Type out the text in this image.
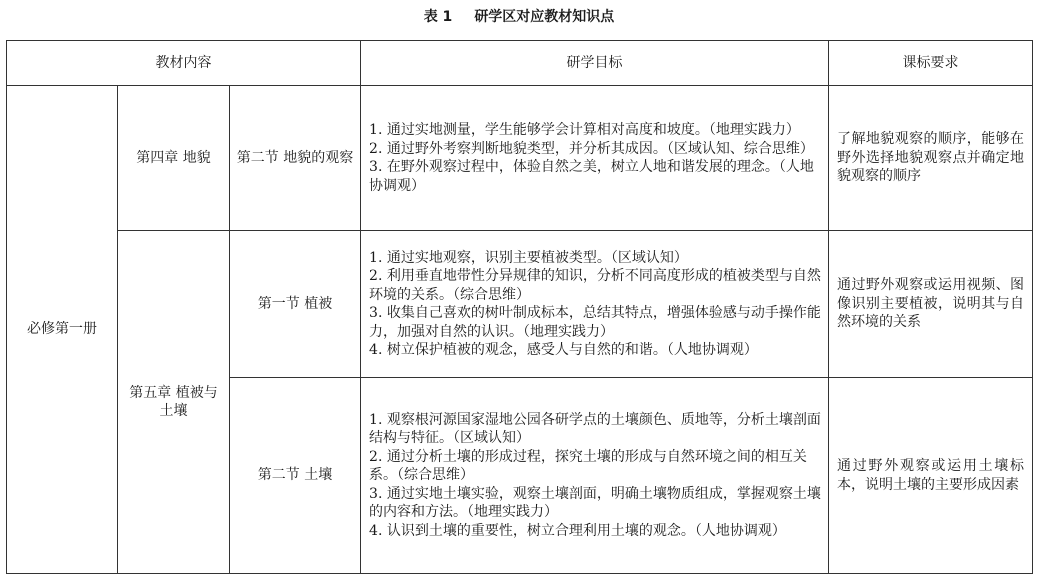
表 1 研学区对应教材知识点
教材内容			研学目标	课标要求
必修第一册	第四章 地貌	第二节 地貌的观察	1. 通过实地测量，学生能够学会计算相对高度和坡度。（地理实践力）
2. 通过野外考察判断地貌类型，并分析其成因。（区域认知、综合思维）
3. 在野外观察过程中，体验自然之美，树立人地和谐发展的理念。（人地协调观）	了解地貌观察的顺序，能够在野外选择地貌观察点并确定地貌观察的顺序
	第五章 植被与土壤	第一节 植被	1. 通过实地观察，识别主要植被类型。（区域认知）
2. 利用垂直地带性分异规律的知识，分析不同高度形成的植被类型与自然环境的关系。（综合思维）
3. 收集自己喜欢的树叶制成标本，总结其特点，增强体验感与动手操作能力，加强对自然的认识。（地理实践力）
4. 树立保护植被的观念，感受人与自然的和谐。（人地协调观）	通过野外观察或运用视频、图像识别主要植被，说明其与自然环境的关系
		第二节 土壤	1. 观察根河源国家湿地公园各研学点的土壤颜色、质地等，分析土壤剖面结构与特征。（区域认知）
2. 通过分析土壤的形成过程，探究土壤的形成与自然环境之间的相互关系。（综合思维）
3. 通过实地土壤实验，观察土壤剖面，明确土壤物质组成，掌握观察土壤的内容和方法。（地理实践力）
4. 认识到土壤的重要性，树立合理利用土壤的观念。（人地协调观）	通过野外观察或运用土壤标本，说明土壤的主要形成因素
